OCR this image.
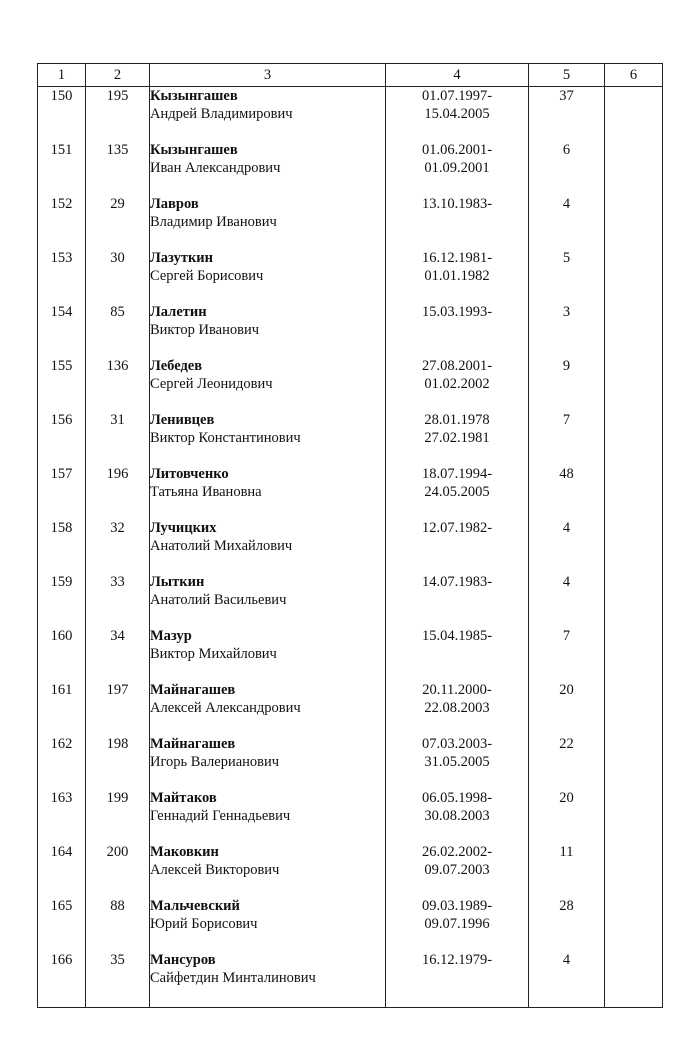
1	2	3	4	5	6
150	195	Кызынгашев
Андрей Владимирович	01.07.1997-
15.04.2005	37	
151	135	Кызынгашев
Иван Александрович	01.06.2001-
01.09.2001	6	
152	29	Лавров
Владимир Иванович	13.10.1983-	4	
153	30	Лазуткин
Сергей Борисович	16.12.1981-
01.01.1982	5	
154	85	Лалетин
Виктор Иванович	15.03.1993-	3	
155	136	Лебедев
Сергей Леонидович	27.08.2001-
01.02.2002	9	
156	31	Ленивцев
Виктор Константинович	28.01.1978
27.02.1981	7	
157	196	Литовченко
Татьяна Ивановна	18.07.1994-
24.05.2005	48	
158	32	Лучицких
Анатолий Михайлович	12.07.1982-	4	
159	33	Лыткин
Анатолий Васильевич	14.07.1983-	4	
160	34	Мазур
Виктор Михайлович	15.04.1985-	7	
161	197	Майнагашев
Алексей Александрович	20.11.2000-
22.08.2003	20	
162	198	Майнагашев
Игорь Валерианович	07.03.2003-
31.05.2005	22	
163	199	Майтаков
Геннадий Геннадьевич	06.05.1998-
30.08.2003	20	
164	200	Маковкин
Алексей Викторович	26.02.2002-
09.07.2003	11	
165	88	Мальчевский
Юрий Борисович	09.03.1989-
09.07.1996	28	
166	35	Мансуров
Сайфетдин Минталинович	16.12.1979-	4	
